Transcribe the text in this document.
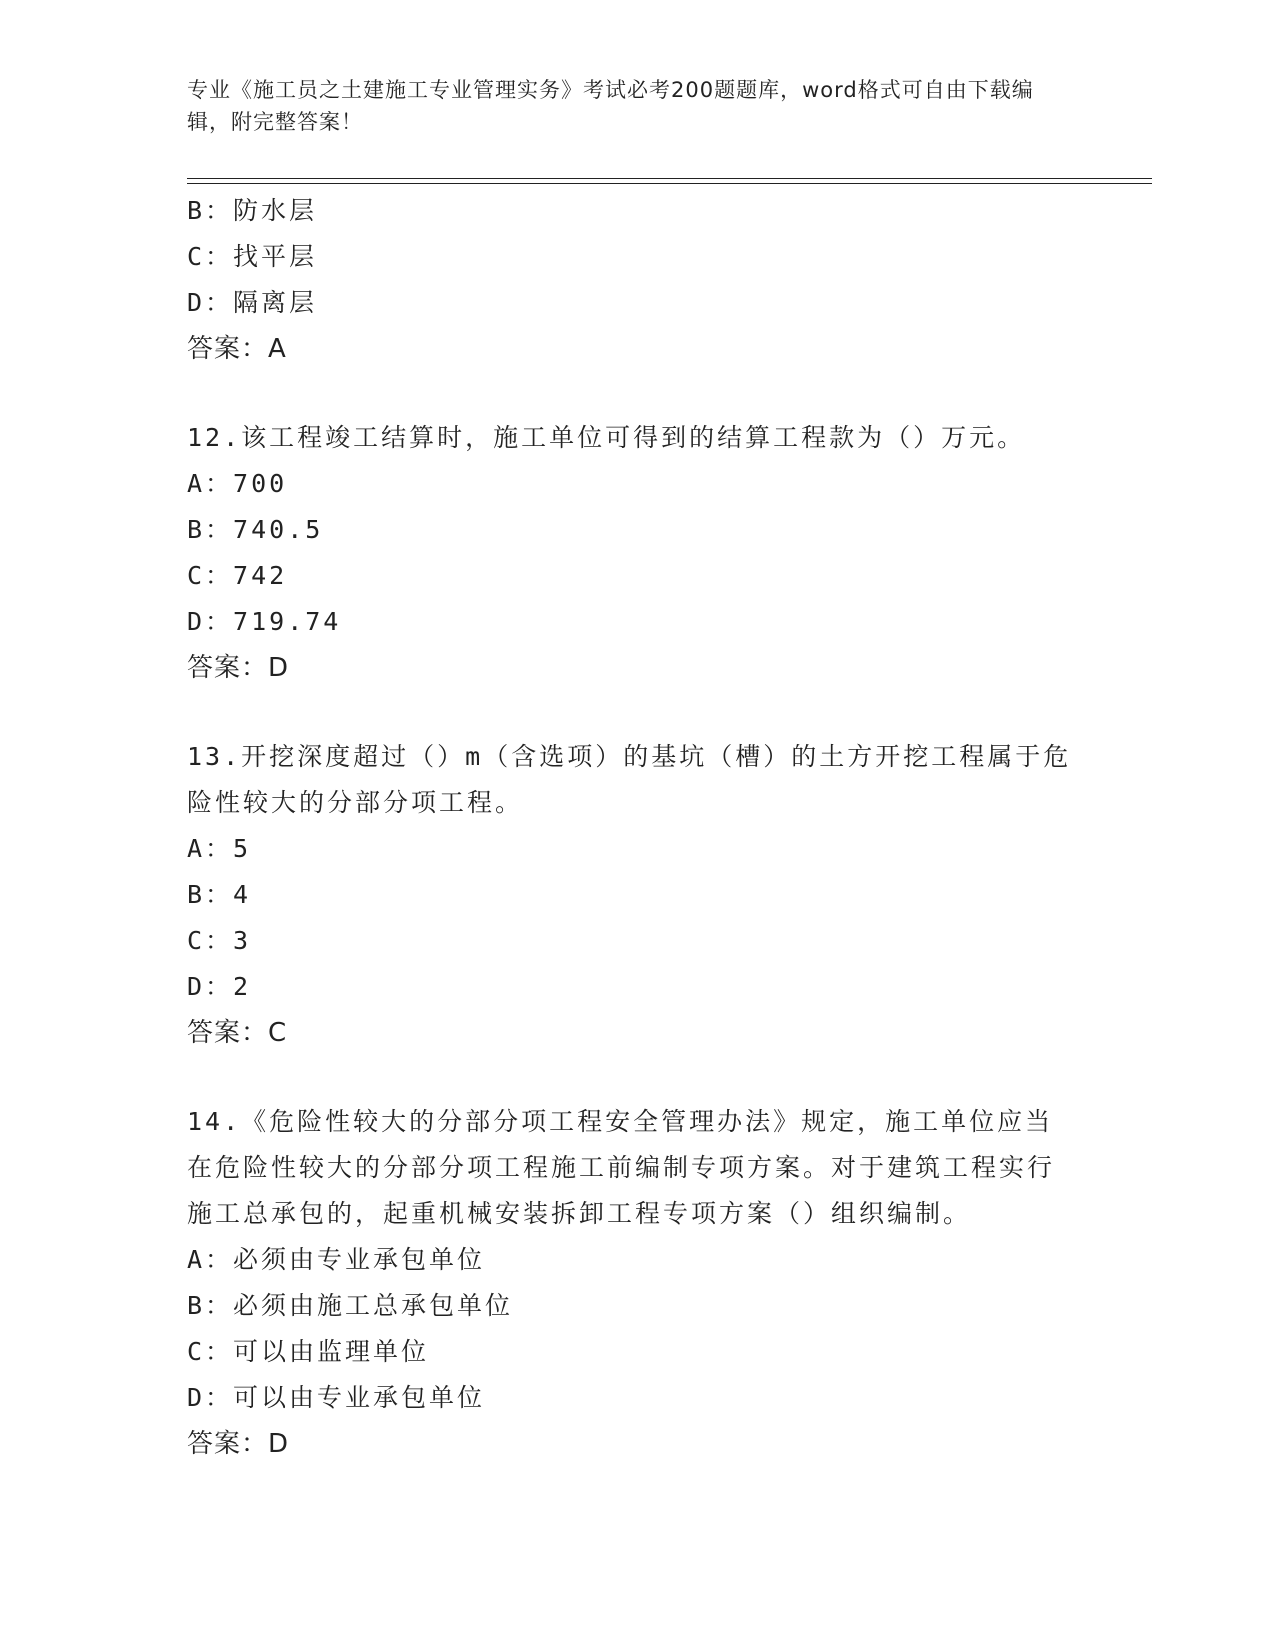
专业《施工员之土建施工专业管理实务》考试必考200题题库，word格式可自由下载编辑，附完整答案！
B：防水层
C：找平层
D：隔离层
答案：A
12.该工程竣工结算时，施工单位可得到的结算工程款为（）万元。
A：700
B：740.5
C：742
D：719.74
答案：D
13.开挖深度超过（）m（含选项）的基坑（槽）的土方开挖工程属于危险性较大的分部分项工程。
A：5
B：4
C：3
D：2
答案：C
14.《危险性较大的分部分项工程安全管理办法》规定，施工单位应当在危险性较大的分部分项工程施工前编制专项方案。对于建筑工程实行施工总承包的，起重机械安装拆卸工程专项方案（）组织编制。
A：必须由专业承包单位
B：必须由施工总承包单位
C：可以由监理单位
D：可以由专业承包单位
答案：D
